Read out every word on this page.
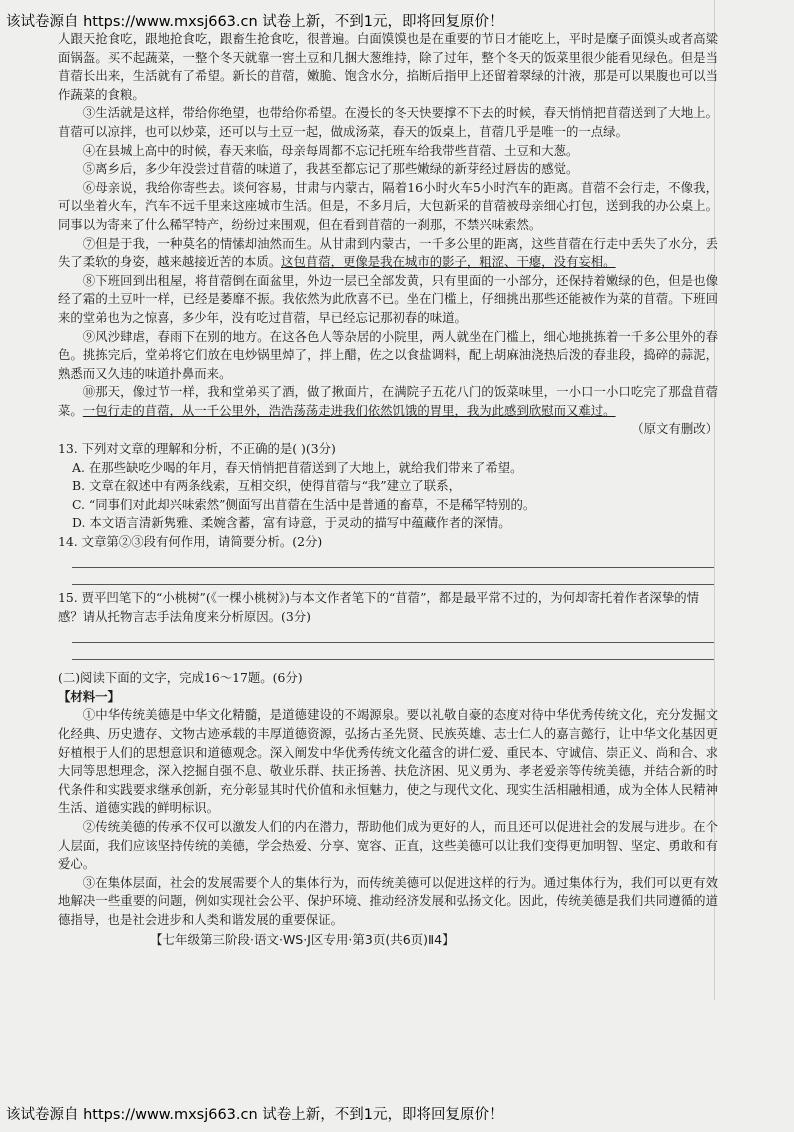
该试卷源自 https://www.mxsj663.cn 试卷上新，不到1元，即将回复原价！

人跟天抢食吃，跟地抢食吃，跟畜生抢食吃，很普遍。白面馍馍也是在重要的节日才能吃上，平时是糜子面馍头或者高粱面锅盔。买不起蔬菜，一整个冬天就靠一窖土豆和几捆大葱维持，除了过年，整个冬天的饭菜里很少能看见绿色。但是当苜蓿长出来，生活就有了希望。新长的苜蓿，嫩脆、饱含水分，掐断后指甲上还留着翠绿的汁液，那是可以果腹也可以当作蔬菜的食粮。

③生活就是这样，带给你绝望，也带给你希望。在漫长的冬天快要撑不下去的时候，春天悄悄把苜蓿送到了大地上。苜蓿可以凉拌，也可以炒菜，还可以与土豆一起，做成汤菜，春天的饭桌上，苜蓿几乎是唯一的一点绿。

④在县城上高中的时候，春天来临，母亲每周都不忘记托班车给我带些苜蓿、土豆和大葱。

⑤离乡后，多少年没尝过苜蓿的味道了，我甚至都忘记了那些嫩绿的新芽经过唇齿的感觉。

⑥母亲说，我给你寄些去。谈何容易，甘肃与内蒙古，隔着16小时火车5小时汽车的距离。苜蓿不会行走，不像我，可以坐着火车，汽车不远千里来这座城市生活。但是，不多月后，大包新采的苜蓿被母亲细心打包，送到我的办公桌上。同事以为寄来了什么稀罕特产，纷纷过来围观，但在看到苜蓿的一刹那，不禁兴味索然。

⑦但是于我，一种莫名的情愫却油然而生。从甘肃到内蒙古，一千多公里的距离，这些苜蓿在行走中丢失了水分，丢失了柔软的身姿，越来越接近苦的本质。这包苜蓿，更像是我在城市的影子，粗涩、干瘪，没有妄相。

⑧下班回到出租屋，将苜蓿倒在面盆里，外边一层已全部发黄，只有里面的一小部分，还保持着嫩绿的色，但是也像经了霜的土豆叶一样，已经是萎靡不振。我依然为此欣喜不已。坐在门槛上，仔细挑出那些还能被作为菜的苜蓿。下班回来的堂弟也为之惊喜，多少年，没有吃过苜蓿，早已经忘记那初春的味道。

⑨风沙肆虐，春雨下在别的地方。在这各色人等杂居的小院里，两人就坐在门槛上，细心地挑拣着一千多公里外的春色。挑拣完后，堂弟将它们放在电炒锅里焯了，拌上醋，佐之以食盐调料，配上胡麻油浇热后泼的春韭段，捣碎的蒜泥，熟悉而又久违的味道扑鼻而来。

⑩那天，像过节一样，我和堂弟买了酒，做了揪面片，在满院子五花八门的饭菜味里，一小口一小口吃完了那盘苜蓿菜。一包行走的苜蓿，从一千公里外，浩浩荡荡走进我们依然饥饿的胃里，我为此感到欣慰而又难过。

（原文有删改）

13. 下列对文章的理解和分析，不正确的是( )(3分)

A. 在那些缺吃少喝的年月，春天悄悄把苜蓿送到了大地上，就给我们带来了希望。

B. 文章在叙述中有两条线索，互相交织，使得苜蓿与“我”建立了联系，

C. “同事们对此却兴味索然”侧面写出苜蓿在生活中是普通的畜草，不是稀罕特别的。

D. 本文语言清新隽雅、柔婉含蓄，富有诗意，于灵动的描写中蕴藏作者的深情。

14. 文章第②③段有何作用，请简要分析。(2分)

15. 贾平凹笔下的“小桃树”(《一棵小桃树》)与本文作者笔下的“苜蓿”，都是最平常不过的，为何却寄托着作者深挚的情感？请从托物言志手法角度来分析原因。(3分)

(二)阅读下面的文字，完成16～17题。(6分)

【材料一】

①中华传统美德是中华文化精髓，是道德建设的不竭源泉。要以礼敬自豪的态度对待中华优秀传统文化，充分发掘文化经典、历史遗存、文物古迹承载的丰厚道德资源，弘扬古圣先贤、民族英雄、志士仁人的嘉言懿行，让中华文化基因更好植根于人们的思想意识和道德观念。深入阐发中华优秀传统文化蕴含的讲仁爱、重民本、守诚信、崇正义、尚和合、求大同等思想理念，深入挖掘自强不息、敬业乐群、扶正扬善、扶危济困、见义勇为、孝老爱亲等传统美德，并结合新的时代条件和实践要求继承创新，充分彰显其时代价值和永恒魅力，使之与现代文化、现实生活相融相通，成为全体人民精神生活、道德实践的鲜明标识。

②传统美德的传承不仅可以激发人们的内在潜力，帮助他们成为更好的人，而且还可以促进社会的发展与进步。在个人层面，我们应该坚持传统的美德，学会热爱、分享、宽容、正直，这些美德可以让我们变得更加明智、坚定、勇敢和有爱心。

③在集体层面，社会的发展需要个人的集体行为，而传统美德可以促进这样的行为。通过集体行为，我们可以更有效地解决一些重要的问题，例如实现社会公平、保护环境、推动经济发展和弘扬文化。因此，传统美德是我们共同遵循的道德指导，也是社会进步和人类和谐发展的重要保证。

【七年级第三阶段·语文·WS·J区专用·第3页(共6页)Ⅱ4】
该试卷源自 https://www.mxsj663.cn 试卷上新，不到1元，即将回复原价！
